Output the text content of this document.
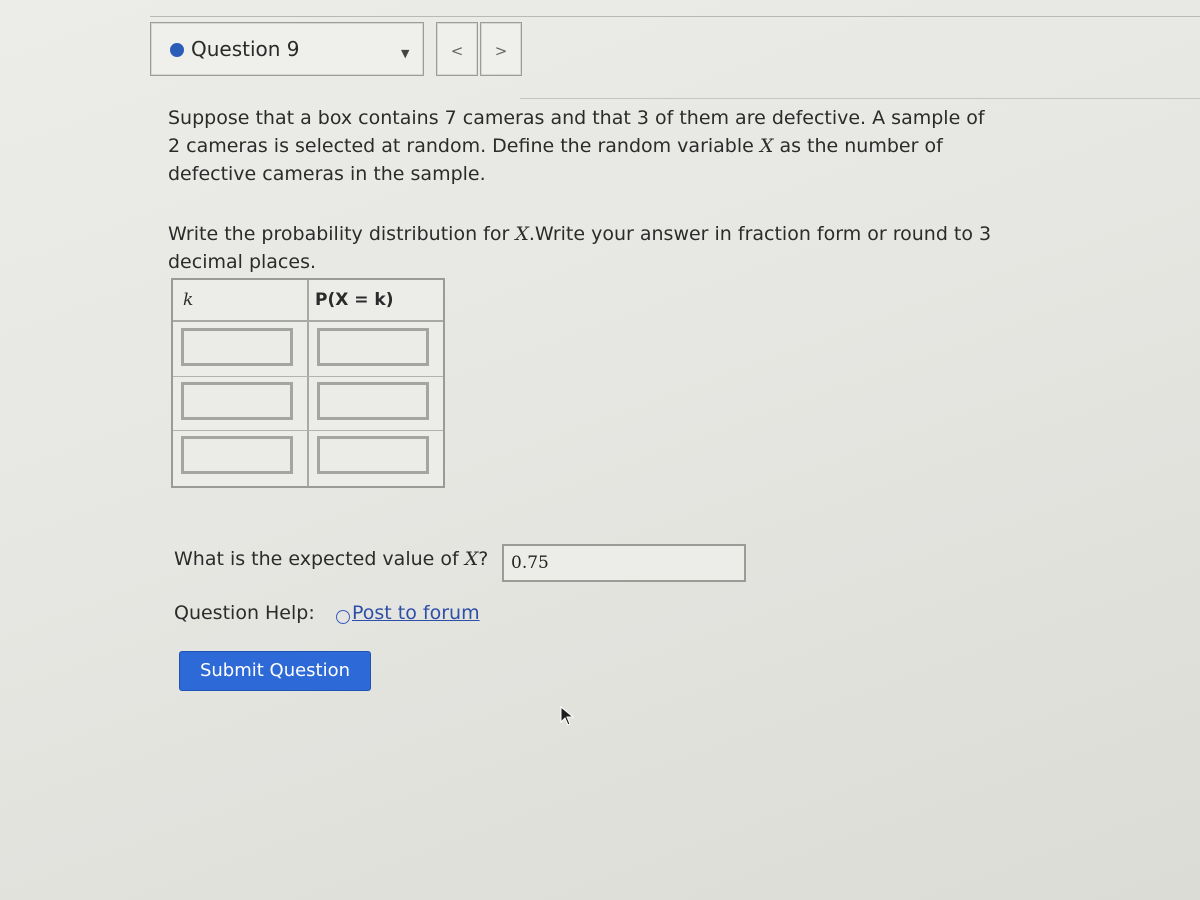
Question 9	▼	<	>
Suppose that a box contains 7 cameras and that 3 of them are defective. A sample of 2 cameras is selected at random. Define the random variable X as the number of defective cameras in the sample.
Write the probability distribution for X.Write your answer in fraction form or round to 3 decimal places.
k	P(X = k)
What is the expected value of X?
0.75
Question Help: Post to forum
Submit Question
